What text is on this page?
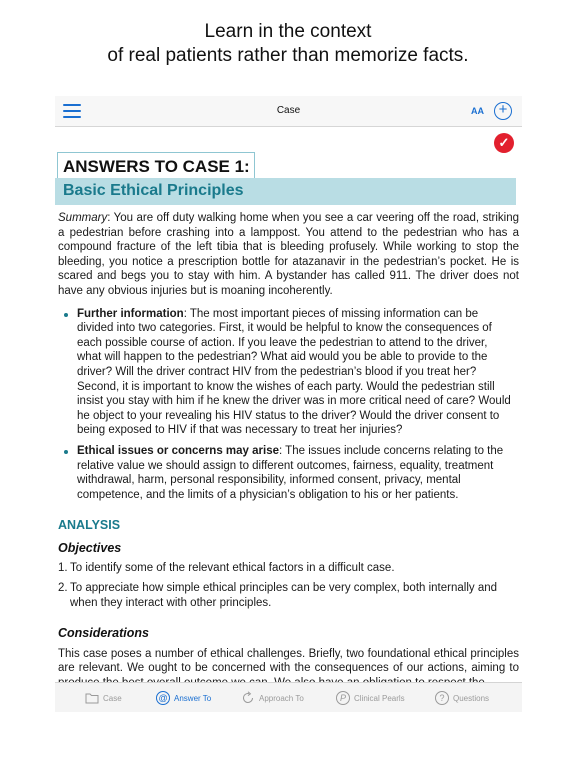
Learn in the context
of real patients rather than memorize facts.
Case	AA +
✓
ANSWERS TO CASE 1:
Basic Ethical Principles

Summary: You are off duty walking home when you see a car veering off the road, striking a pedestrian before crashing into a lamppost. You attend to the pedestrian who has a compound fracture of the left tibia that is bleeding profusely. While working to stop the bleeding, you notice a prescription bottle for atazanavir in the pedestrian’s pocket. He is scared and begs you to stay with him. A bystander has called 911. The driver does not have any obvious injuries but is moaning incoherently.

Further information: The most important pieces of missing information can be divided into two categories. First, it would be helpful to know the consequences of each possible course of action. If you leave the pedestrian to attend to the driver, what will happen to the pedestrian? What aid would you be able to provide to the driver? Will the driver contract HIV from the pedestrian’s blood if you treat her? Second, it is important to know the wishes of each party. Would the pedestrian still insist you stay with him if he knew the driver was in more critical need of care? Would he object to your revealing his HIV status to the driver? Would the driver consent to being exposed to HIV if that was necessary to treat her injuries?
Ethical issues or concerns may arise: The issues include concerns relating to the relative value we should assign to different outcomes, fairness, equality, treatment withdrawal, harm, personal responsibility, informed consent, privacy, mental competence, and the limits of a physician’s obligation to his or her patients.
ANALYSIS
Objectives
1. To identify some of the relevant ethical factors in a difficult case.
2. To appreciate how simple ethical principles can be very complex, both internally and when they interact with other principles.
Considerations

This case poses a number of ethical challenges. Briefly, two foundational ethical principles are relevant. We ought to be concerned with the consequences of our actions, aiming to

Case	@ Answer To	Approach To	P	Clinical Pearls	?	Questions
